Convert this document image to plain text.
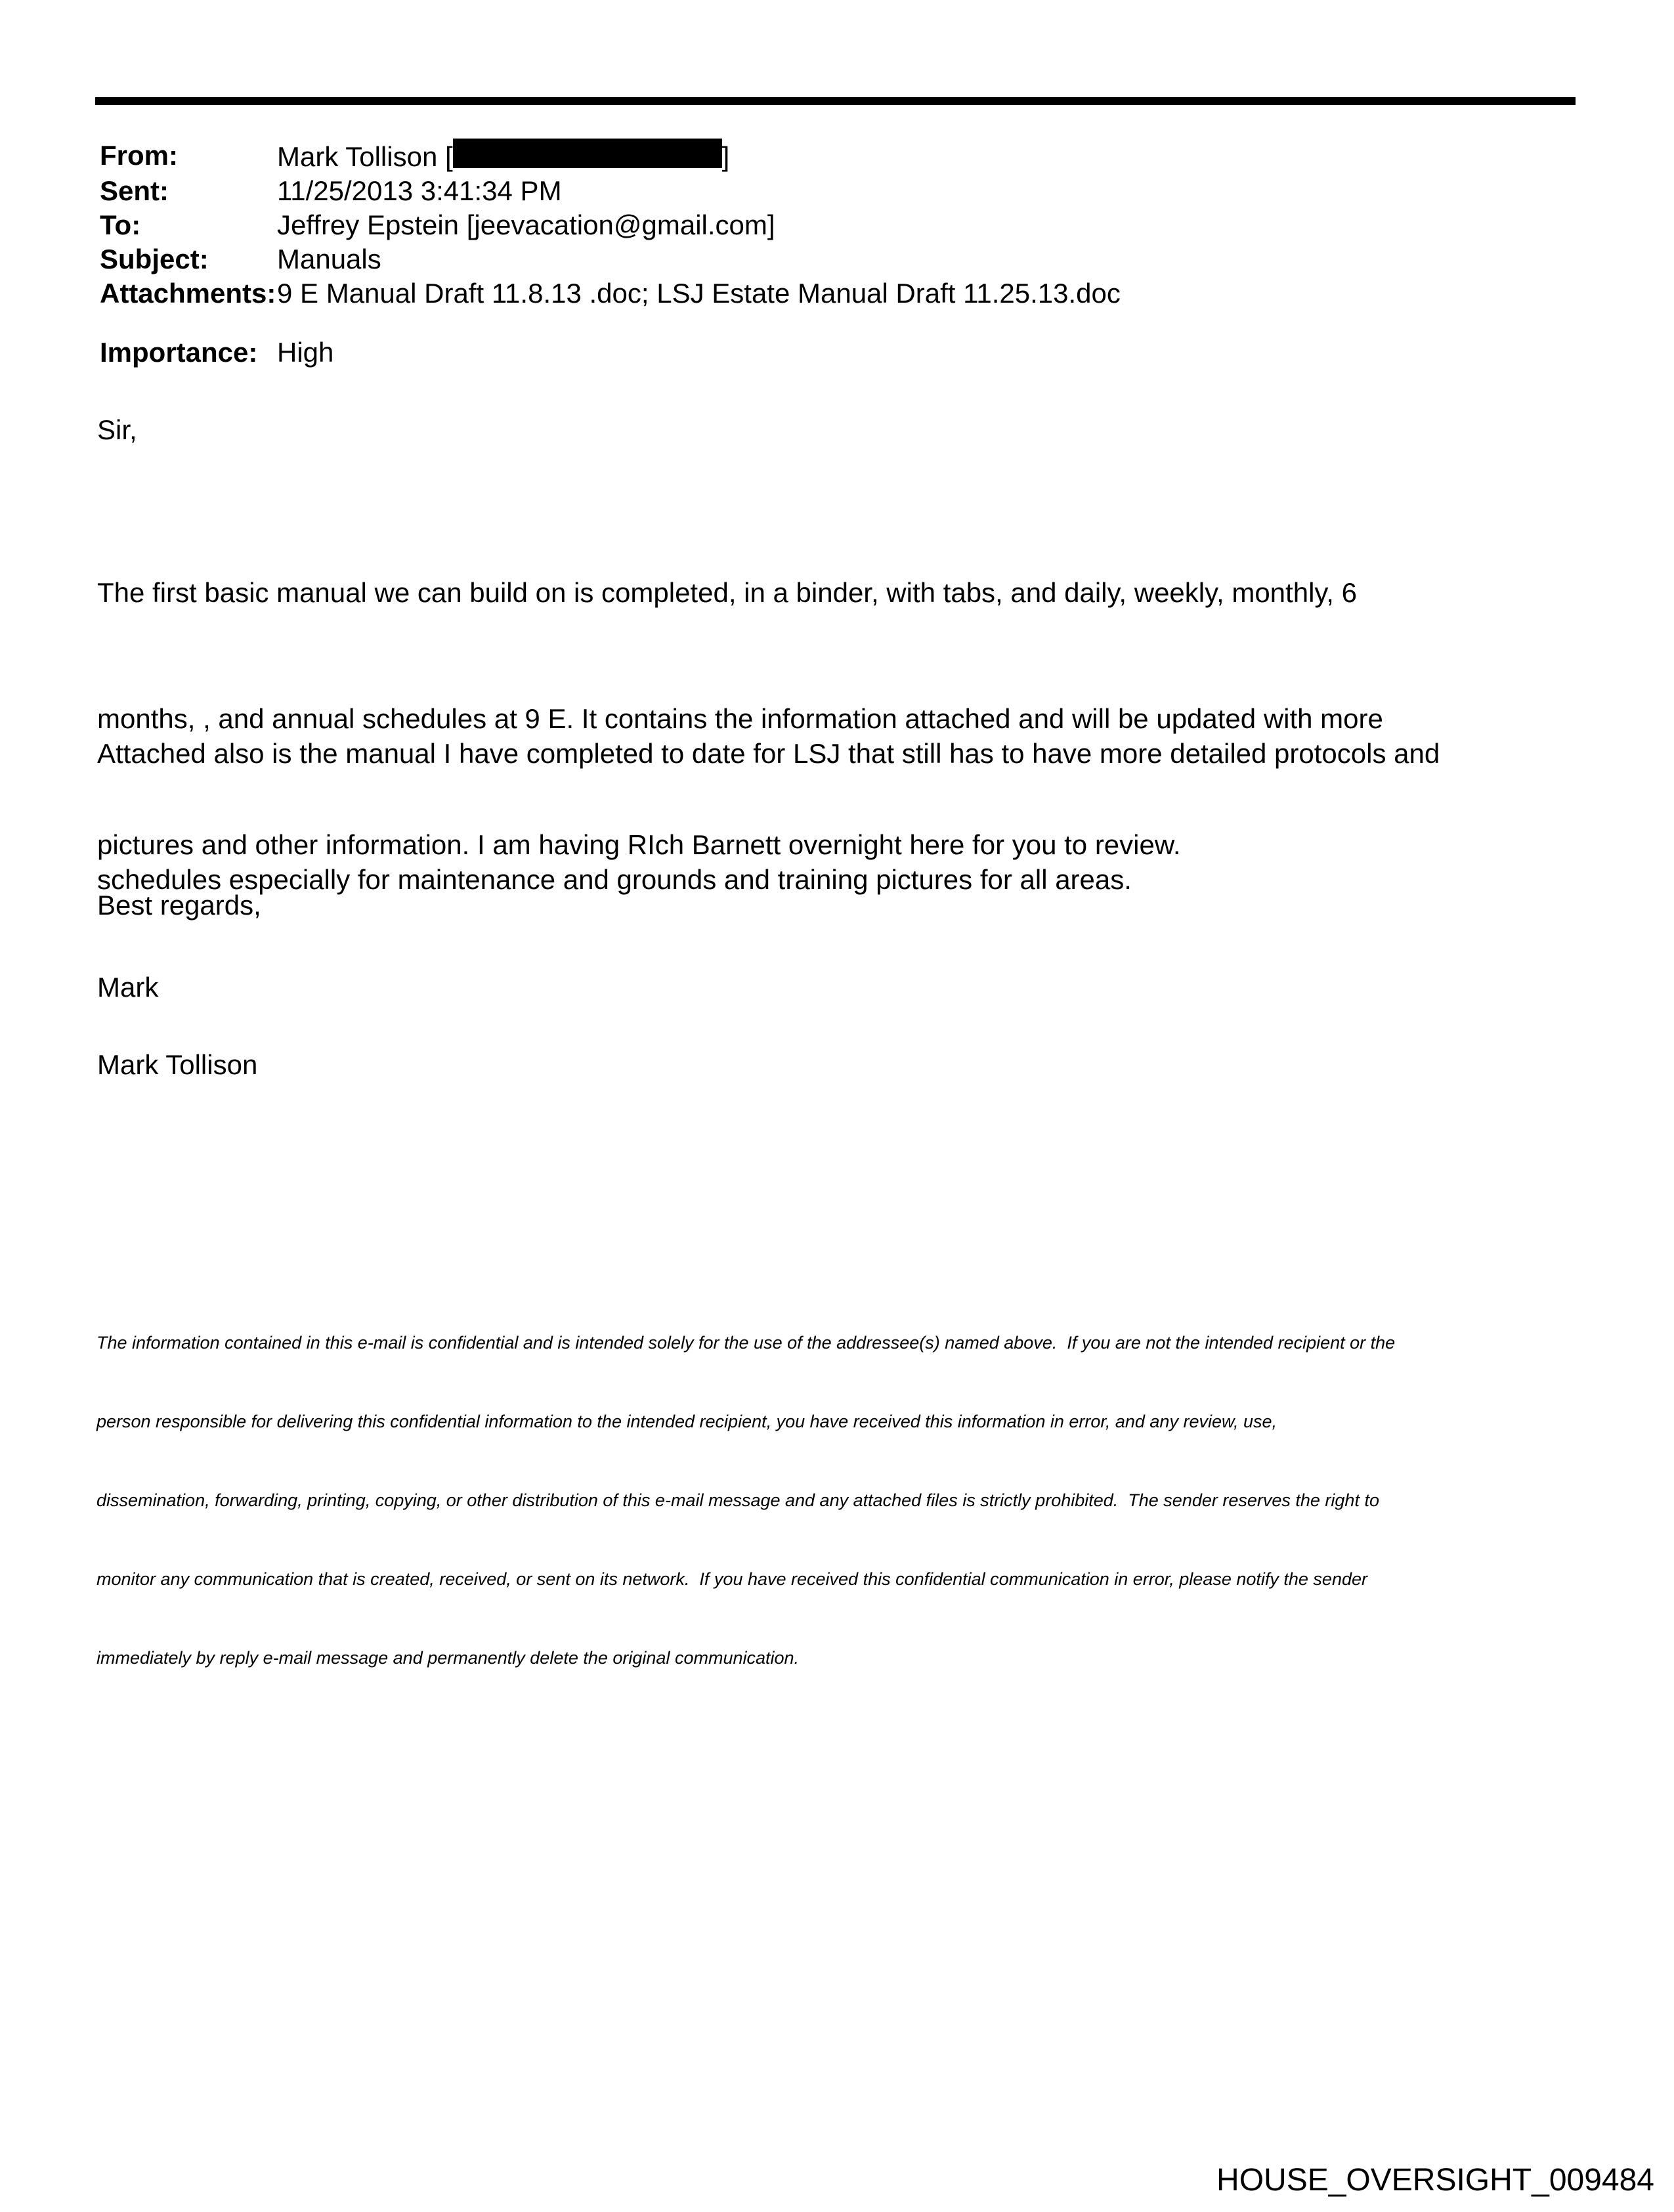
From:	Mark Tollison [	]
Sent:	11/25/2013 3:41:34 PM
To:	Jeffrey Epstein [jeevacation@gmail.com]
Subject:	Manuals
Attachments: 9 E Manual Draft 11.8.13 .doc; LSJ Estate Manual Draft 11.25.13.doc
Importance: High
Sir,

The first basic manual we can build on is completed, in a binder, with tabs, and daily, weekly, monthly, 6

months, , and annual schedules at 9 E. It contains the information attached and will be updated with more

pictures and other information. I am having RIch Barnett overnight here for you to review.

Attached also is the manual I have completed to date for LSJ that still has to have more detailed protocols and

schedules especially for maintenance and grounds and training pictures for all areas.

Best regards,
Mark
Mark Tollison

The information contained in this e-mail is confidential and is intended solely for the use of the addressee(s) named above.  If you are not the intended recipient or the

person responsible for delivering this confidential information to the intended recipient, you have received this information in error, and any review, use,

dissemination, forwarding, printing, copying, or other distribution of this e-mail message and any attached files is strictly prohibited.  The sender reserves the right to

monitor any communication that is created, received, or sent on its network.  If you have received this confidential communication in error, please notify the sender

immediately by reply e-mail message and permanently delete the original communication.

HOUSE_OVERSIGHT_009484
